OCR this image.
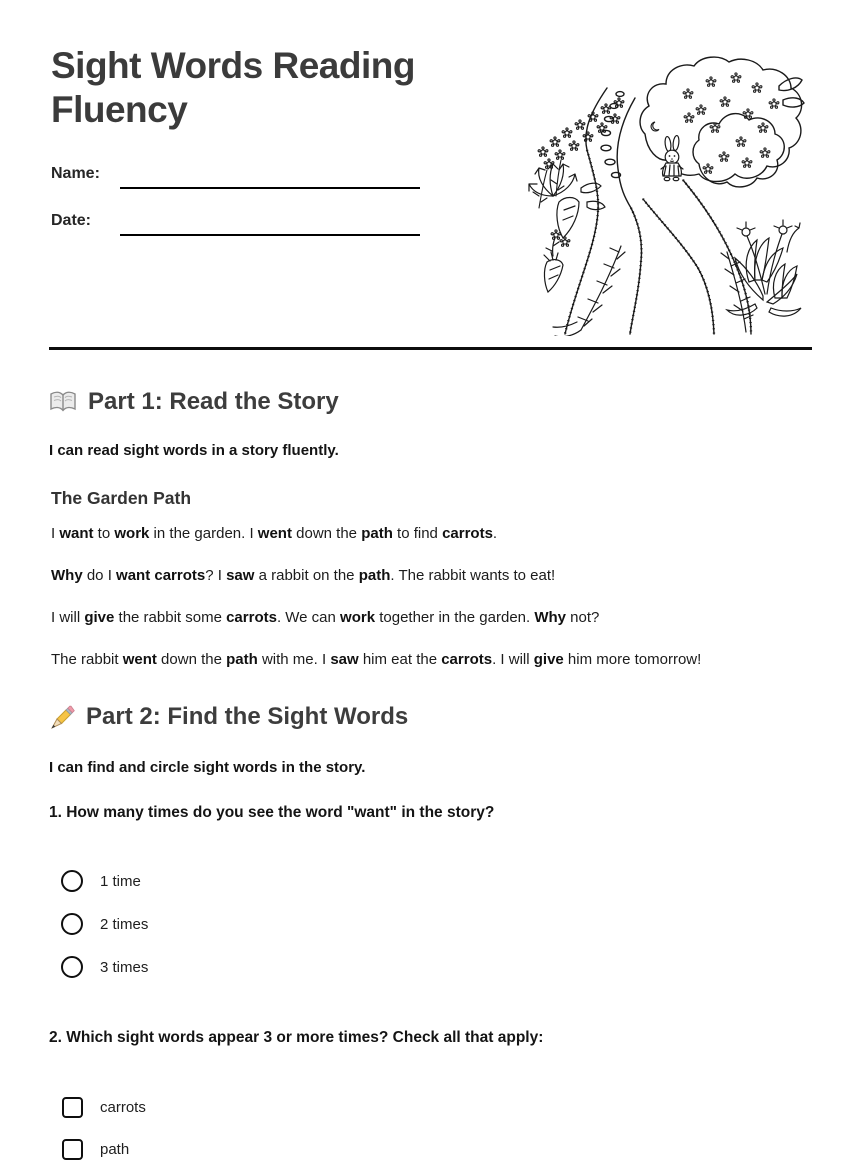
Sight Words Reading Fluency
Name:
Date:
Part 1: Read the Story
I can read sight words in a story fluently.
The Garden Path

I want to work in the garden. I went down the path to find carrots.

Why do I want carrots? I saw a rabbit on the path. The rabbit wants to eat!

I will give the rabbit some carrots. We can work together in the garden. Why not?

The rabbit went down the path with me. I saw him eat the carrots. I will give him more tomorrow!

Part 2: Find the Sight Words
I can find and circle sight words in the story.
1. How many times do you see the word "want" in the story?
1 time
2 times
3 times
2. Which sight words appear 3 or more times? Check all that apply:
carrots
path
